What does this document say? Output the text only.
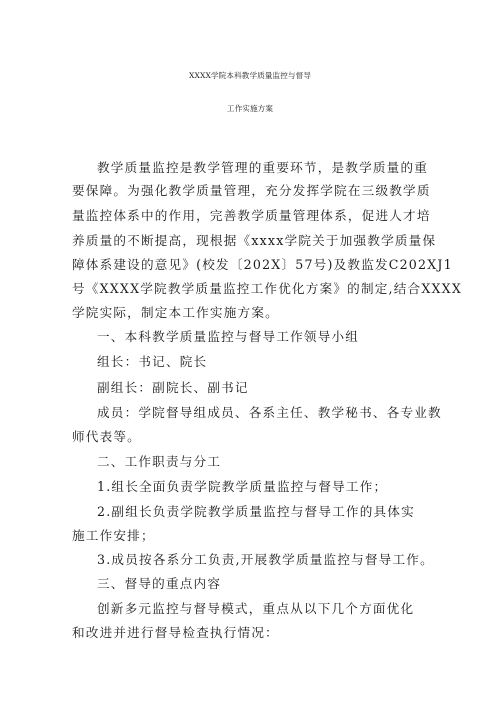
XXXX学院本科教学质量监控与督导
工作实施方案
教学质量监控是教学管理的重要环节，是教学质量的重
要保障。为强化教学质量管理，充分发挥学院在三级教学质
量监控体系中的作用，完善教学质量管理体系，促进人才培
养质量的不断提高，现根据《xxxx学院关于加强教学质量保
障体系建设的意见》(校发〔202X〕57号)及教监发C202XJ1
号《XXXX学院教学质量监控工作优化方案》的制定,结合XXXX
学院实际，制定本工作实施方案。
一、本科教学质量监控与督导工作领导小组
组长：书记、院长
副组长：副院长、副书记
成员：学院督导组成员、各系主任、教学秘书、各专业教
师代表等。
二、工作职责与分工
1.组长全面负责学院教学质量监控与督导工作；
2.副组长负责学院教学质量监控与督导工作的具体实
施工作安排；
3.成员按各系分工负责,开展教学质量监控与督导工作。
三、督导的重点内容
创新多元监控与督导模式，重点从以下几个方面优化
和改进并进行督导检查执行情况：
